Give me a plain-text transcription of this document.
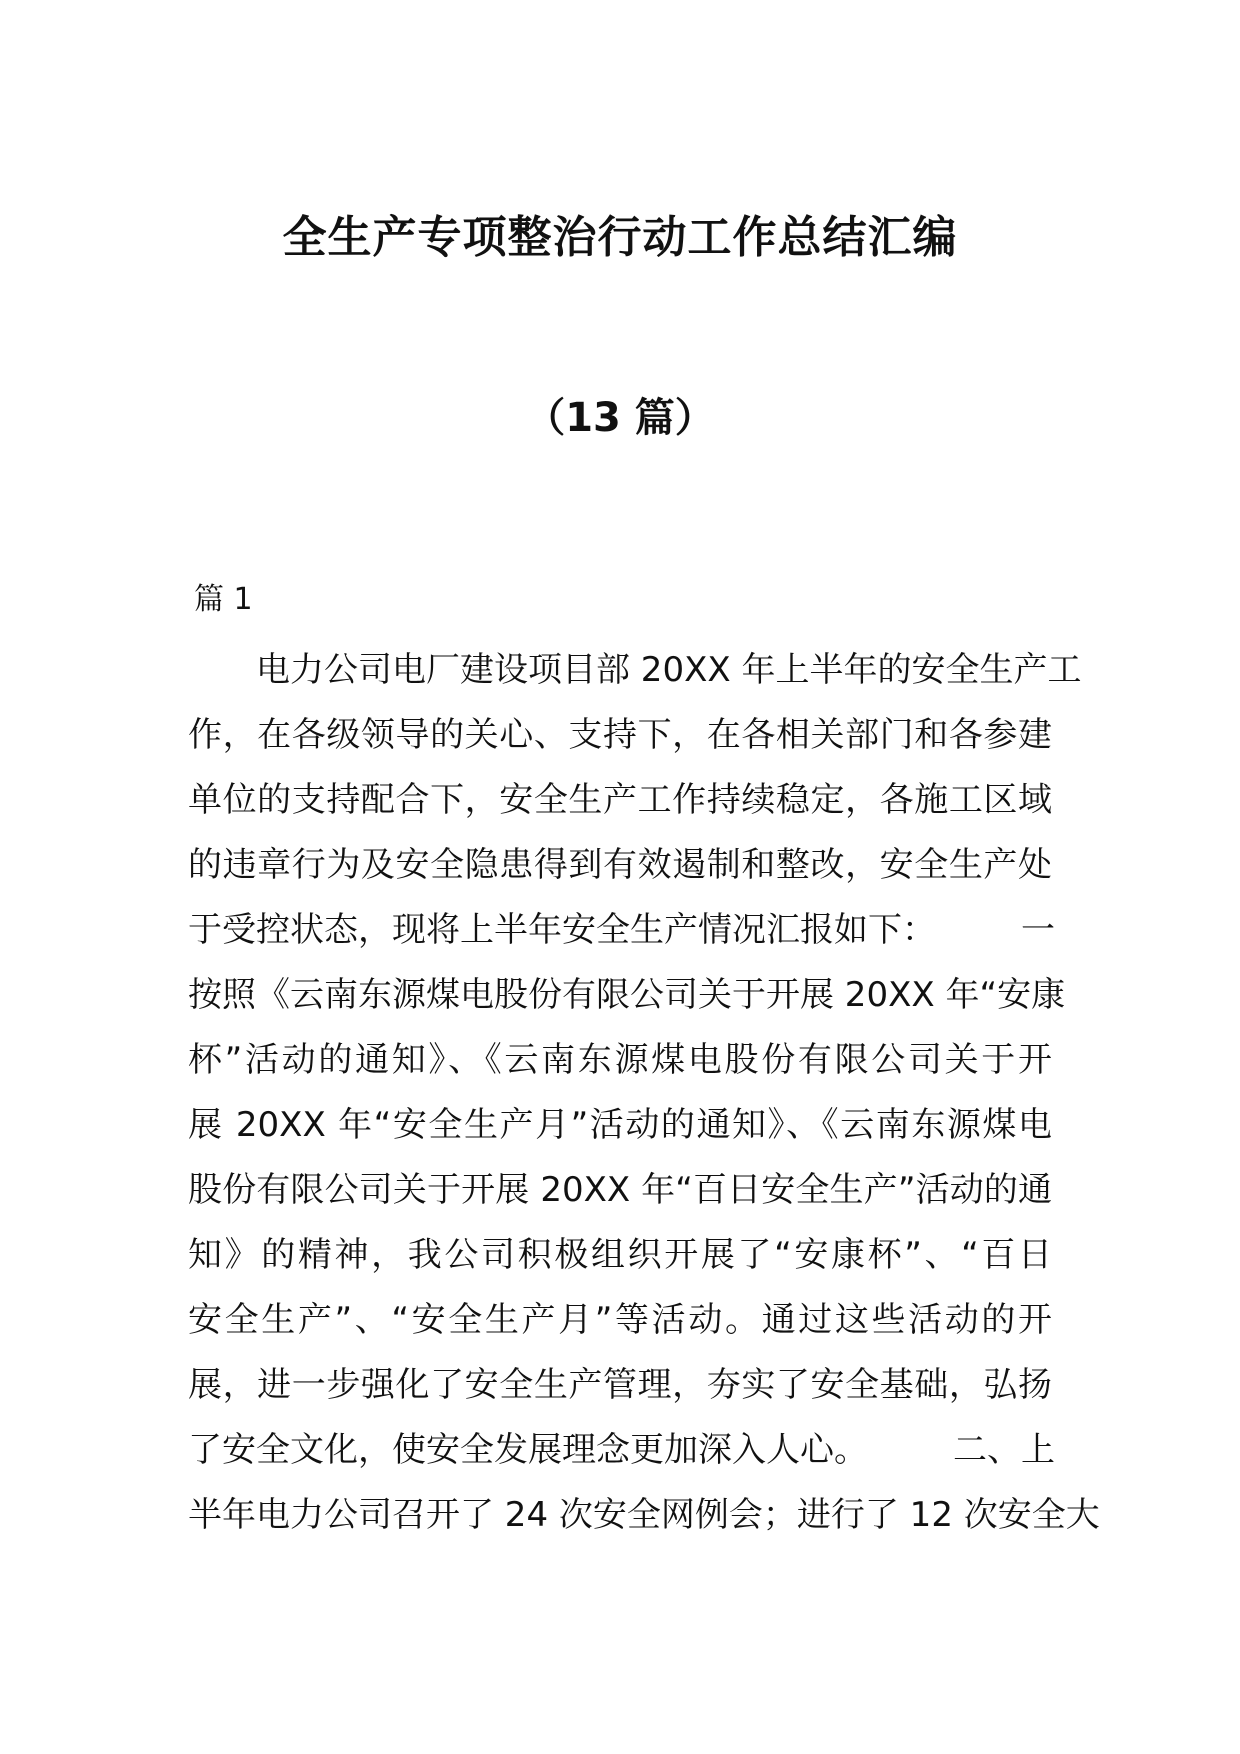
全生产专项整治行动工作总结汇编
（13 篇）
篇 1
电力公司电厂建设项目部 20XX 年上半年的安全生产工
作，在各级领导的关心、支持下，在各相关部门和各参建
单位的支持配合下，安全生产工作持续稳定，各施工区域
的违章行为及安全隐患得到有效遏制和整改，安全生产处
于受控状态，现将上半年安全生产情况汇报如下：　　　一
按照《云南东源煤电股份有限公司关于开展 20XX 年“安康
杯”活动的通知》、《云南东源煤电股份有限公司关于开
展 20XX 年“安全生产月”活动的通知》、《云南东源煤电
股份有限公司关于开展 20XX 年“百日安全生产”活动的通
知》的精神，我公司积极组织开展了“安康杯”、“百日
安全生产”、“安全生产月”等活动。通过这些活动的开
展，进一步强化了安全生产管理，夯实了安全基础，弘扬
了安全文化，使安全发展理念更加深入人心。　　　二、上
半年电力公司召开了 24 次安全网例会；进行了 12 次安全大
